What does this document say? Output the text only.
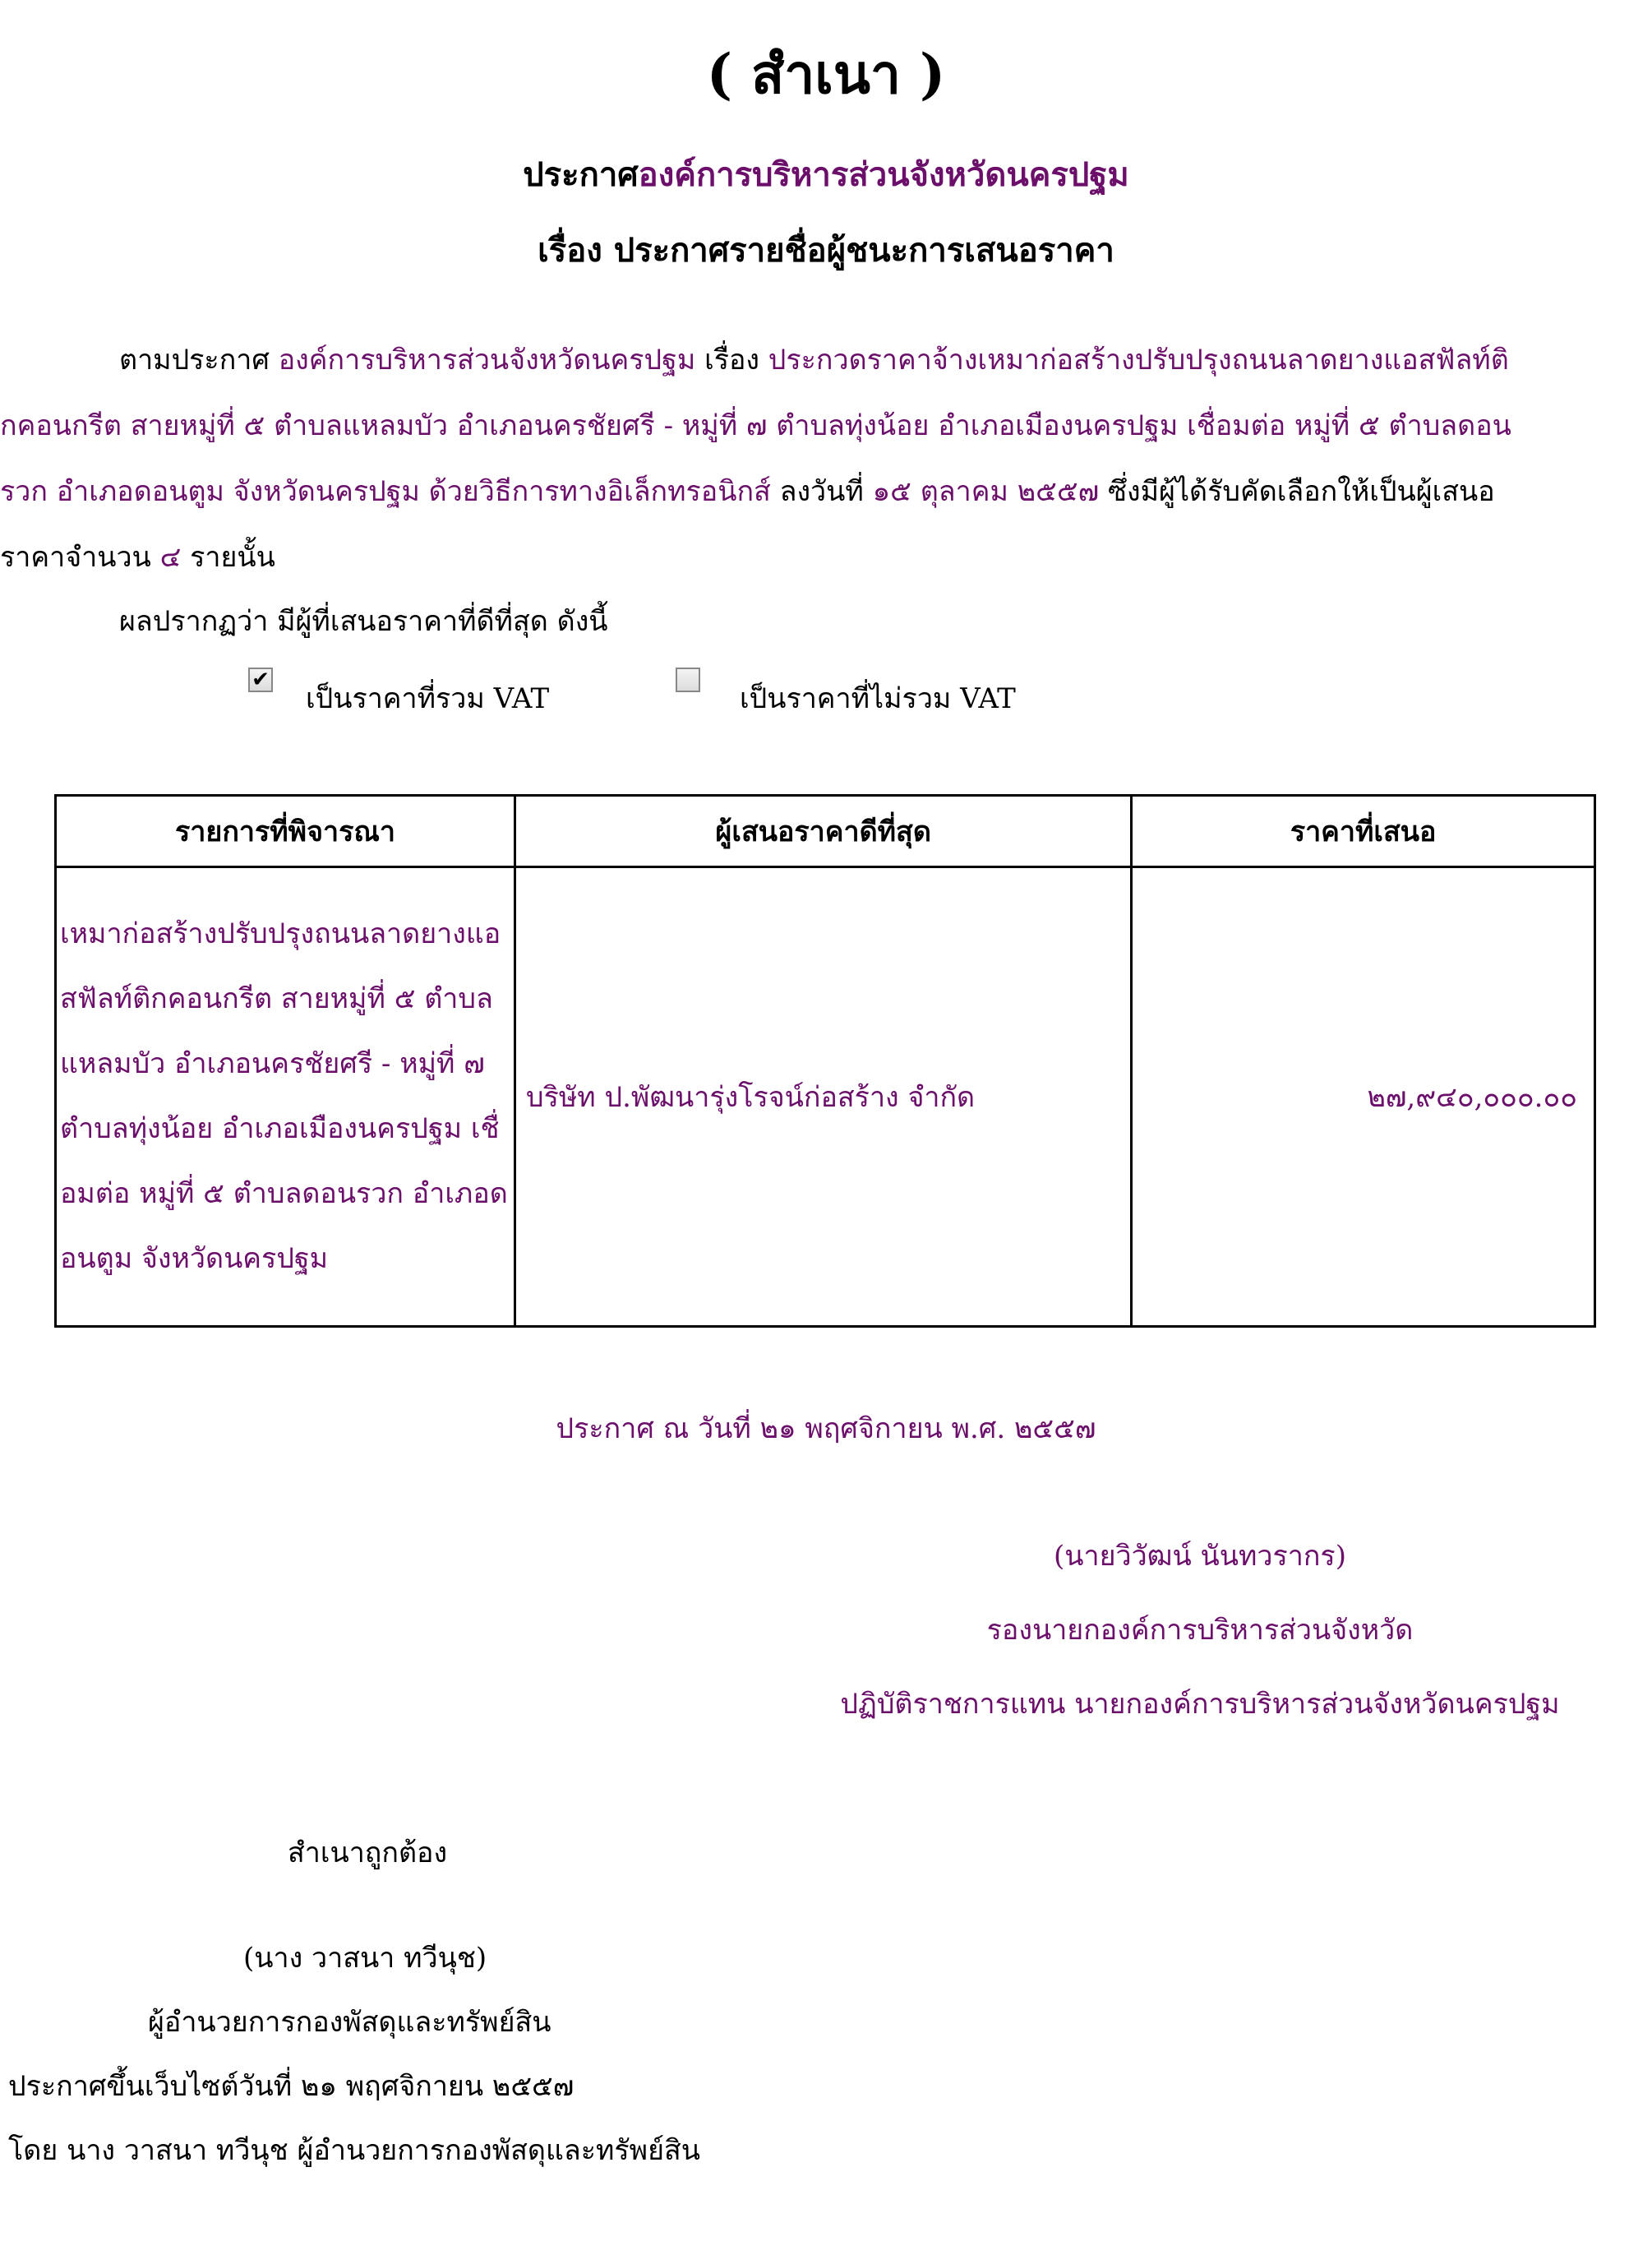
( สำเนา )
ประกาศองค์การบริหารส่วนจังหวัดนครปฐม
เรื่อง ประกาศรายชื่อผู้ชนะการเสนอราคา
ตามประกาศ องค์การบริหารส่วนจังหวัดนครปฐม เรื่อง ประกวดราคาจ้างเหมาก่อสร้างปรับปรุงถนนลาดยางแอสฟัลท์ติ
กคอนกรีต สายหมู่ที่ ๕ ตำบลแหลมบัว อำเภอนครชัยศรี - หมู่ที่ ๗ ตำบลทุ่งน้อย อำเภอเมืองนครปฐม เชื่อมต่อ หมู่ที่ ๕ ตำบลดอน
รวก อำเภอดอนตูม จังหวัดนครปฐม ด้วยวิธีการทางอิเล็กทรอนิกส์ ลงวันที่ ๑๕ ตุลาคม ๒๕๕๗ ซึ่งมีผู้ได้รับคัดเลือกให้เป็นผู้เสนอ
ราคาจำนวน ๔ รายนั้น
ผลปรากฏว่า มีผู้ที่เสนอราคาที่ดีที่สุด ดังนี้
✔
เป็นราคาที่รวม VAT	เป็นราคาที่ไม่รวม VAT
รายการที่พิจารณา	ผู้เสนอราคาดีที่สุด	ราคาที่เสนอ

เหมาก่อสร้างปรับปรุงถนนลาดยางแอสฟัลท์ติกคอนกรีต สายหมู่ที่ ๕ ตำบลแหลมบัว อำเภอนครชัยศรี - หมู่ที่ ๗ ตำบลทุ่งน้อย อำเภอเมืองนครปฐม เชื่อมต่อ หมู่ที่ ๕ ตำบลดอนรวก อำเภอดอนตูม จังหวัดนครปฐม	บริษัท ป.พัฒนารุ่งโรจน์ก่อสร้าง จำกัด	๒๗,๙๔๐,๐๐๐.๐๐
ประกาศ ณ วันที่ ๒๑ พฤศจิกายน พ.ศ. ๒๕๕๗
(นายวิวัฒน์ นันทวรากร)
รองนายกองค์การบริหารส่วนจังหวัด
ปฏิบัติราชการแทน นายกองค์การบริหารส่วนจังหวัดนครปฐม
สำเนาถูกต้อง
(นาง วาสนา ทวีนุช)
ผู้อำนวยการกองพัสดุและทรัพย์สิน
ประกาศขึ้นเว็บไซต์วันที่ ๒๑ พฤศจิกายน ๒๕๕๗
โดย นาง วาสนา ทวีนุช ผู้อำนวยการกองพัสดุและทรัพย์สิน
